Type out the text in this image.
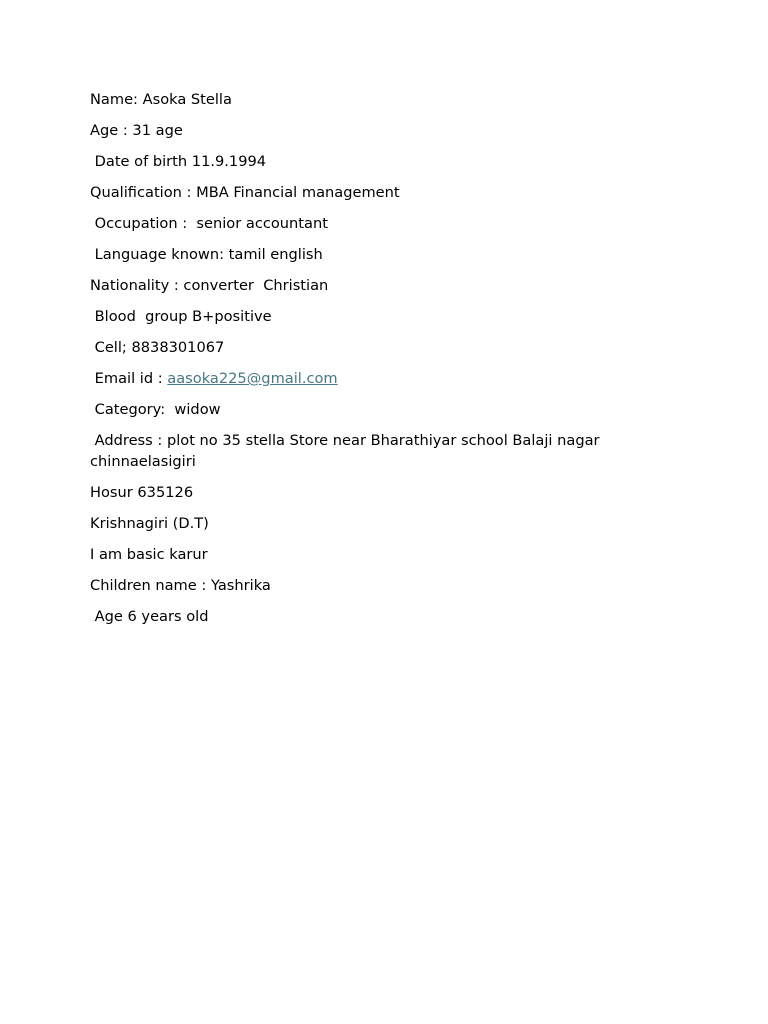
Name: Asoka Stella

Age : 31 age

Date of birth 11.9.1994

Qualification : MBA Financial management

Occupation :  senior accountant

Language known: tamil english

Nationality : converter  Christian

Blood  group B+positive

Cell; 8838301067

Email id : aasoka225@gmail.com

Category:  widow

Address : plot no 35 stella Store near Bharathiyar school Balaji nagar chinnaelasigiri

Hosur 635126

Krishnagiri (D.T)

I am basic karur

Children name : Yashrika

Age 6 years old
